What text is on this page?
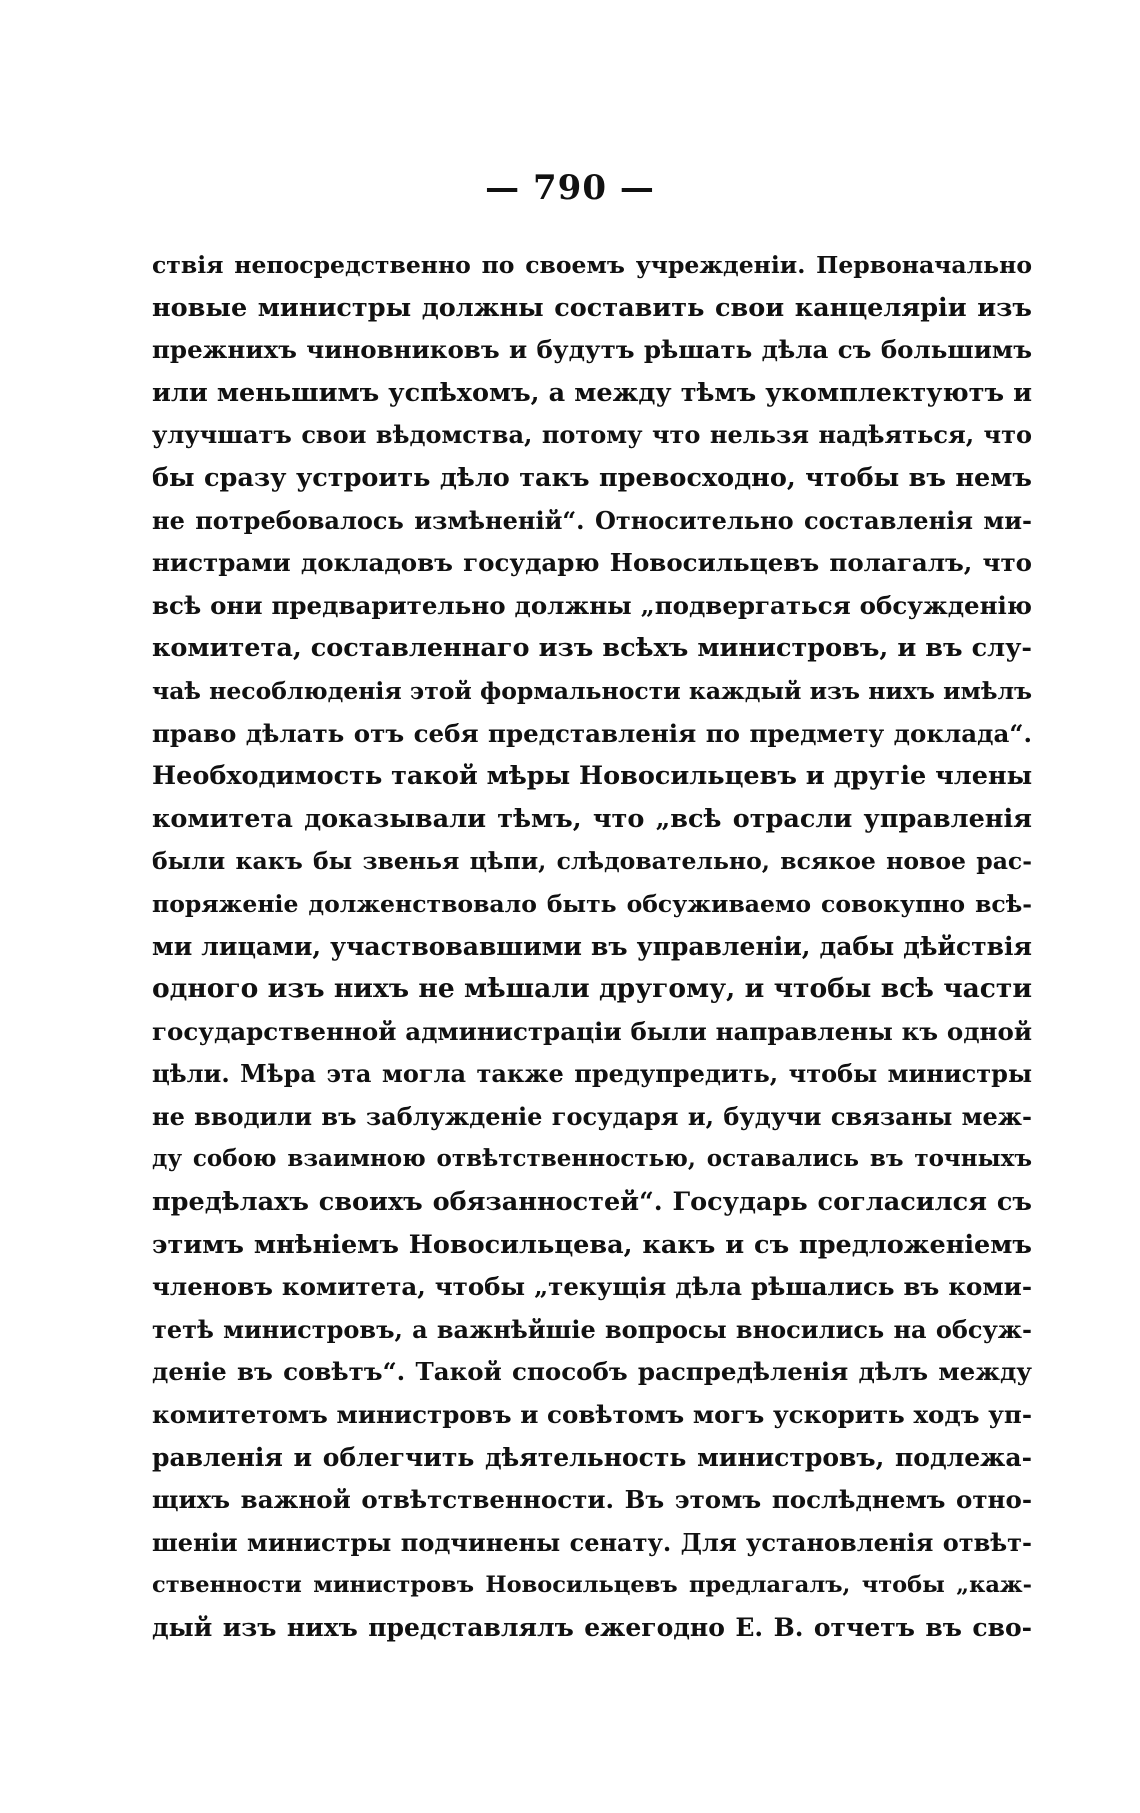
— 790 —
ствія непосредственно по своемъ учрежденіи. Первоначально
новые министры должны составить свои канцеляріи изъ
прежнихъ чиновниковъ и будутъ рѣшать дѣла съ большимъ
или меньшимъ успѣхомъ, а между тѣмъ укомплектуютъ и
улучшатъ свои вѣдомства, потому что нельзя надѣяться, что
бы сразу устроить дѣло такъ превосходно, чтобы въ немъ
не потребовалось измѣненій“. Относительно составленія ми-
нистрами докладовъ государю Новосильцевъ полагалъ, что
всѣ они предварительно должны „подвергаться обсужденію
комитета, составленнаго изъ всѣхъ министровъ, и въ слу-
чаѣ несоблюденія этой формальности каждый изъ нихъ имѣлъ
право дѣлать отъ себя представленія по предмету доклада“.
Необходимость такой мѣры Новосильцевъ и другіе члены
комитета доказывали тѣмъ, что „всѣ отрасли управленія
были какъ бы звенья цѣпи, слѣдовательно, всякое новое рас-
поряженіе долженствовало быть обсуживаемо совокупно всѣ-
ми лицами, участвовавшими въ управленіи, дабы дѣйствія
одного изъ нихъ не мѣшали другому, и чтобы всѣ части
государственной администраціи были направлены къ одной
цѣли. Мѣра эта могла также предупредить, чтобы министры
не вводили въ заблужденіе государя и, будучи связаны меж-
ду собою взаимною отвѣтственностью, оставались въ точныхъ
предѣлахъ своихъ обязанностей“. Государь согласился съ
этимъ мнѣніемъ Новосильцева, какъ и съ предложеніемъ
членовъ комитета, чтобы „текущія дѣла рѣшались въ коми-
тетѣ министровъ, а важнѣйшіе вопросы вносились на обсуж-
деніе въ совѣтъ“. Такой способъ распредѣленія дѣлъ между
комитетомъ министровъ и совѣтомъ могъ ускорить ходъ уп-
равленія и облегчить дѣятельность министровъ, подлежа-
щихъ важной отвѣтственности. Въ этомъ послѣднемъ отно-
шеніи министры подчинены сенату. Для установленія отвѣт-
ственности министровъ Новосильцевъ предлагалъ, чтобы „каж-
дый изъ нихъ представлялъ ежегодно Е. В. отчетъ въ сво-
